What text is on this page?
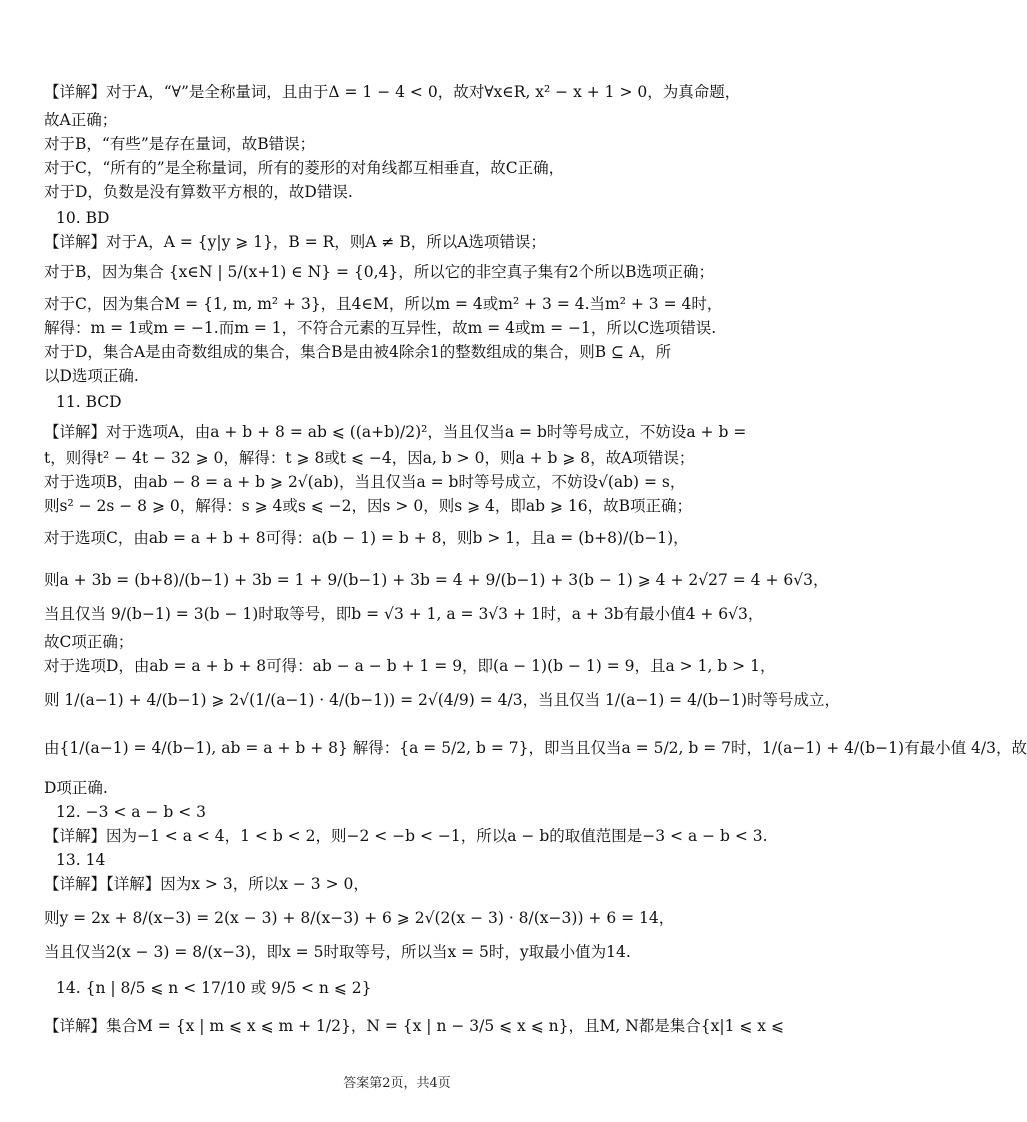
【详解】对于A，“∀”是全称量词，且由于Δ = 1 − 4 < 0，故对∀x∈R, x² − x + 1 > 0，为真命题，
故A正确；
对于B，“有些”是存在量词，故B错误；
对于C，“所有的”是全称量词，所有的菱形的对角线都互相垂直，故C正确，
对于D，负数是没有算数平方根的，故D错误.
10. BD
【详解】对于A，A = {y|y ⩾ 1}，B = R，则A ≠ B，所以A选项错误；
对于B，因为集合 {x∈N | 5/(x+1) ∈ N} = {0,4}，所以它的非空真子集有2个所以B选项正确；
对于C，因为集合M = {1, m, m² + 3}，且4∈M，所以m = 4或m² + 3 = 4.当m² + 3 = 4时，
解得：m = 1或m = −1.而m = 1，不符合元素的互异性，故m = 4或m = −1，所以C选项错误.
对于D，集合A是由奇数组成的集合，集合B是由被4除余1的整数组成的集合，则B ⊆ A，所
以D选项正确.
11. BCD
【详解】对于选项A，由a + b + 8 = ab ⩽ ((a+b)/2)²，当且仅当a = b时等号成立，不妨设a + b =
t，则得t² − 4t − 32 ⩾ 0，解得：t ⩾ 8或t ⩽ −4，因a, b > 0，则a + b ⩾ 8，故A项错误；
对于选项B，由ab − 8 = a + b ⩾ 2√(ab)，当且仅当a = b时等号成立，不妨设√(ab) = s，
则s² − 2s − 8 ⩾ 0，解得：s ⩾ 4或s ⩽ −2，因s > 0，则s ⩾ 4，即ab ⩾ 16，故B项正确；
对于选项C，由ab = a + b + 8可得：a(b − 1) = b + 8，则b > 1，且a = (b+8)/(b−1)，
则a + 3b = (b+8)/(b−1) + 3b = 1 + 9/(b−1) + 3b = 4 + 9/(b−1) + 3(b − 1) ⩾ 4 + 2√27 = 4 + 6√3，
当且仅当 9/(b−1) = 3(b − 1)时取等号，即b = √3 + 1, a = 3√3 + 1时，a + 3b有最小值4 + 6√3，
故C项正确；
对于选项D，由ab = a + b + 8可得：ab − a − b + 1 = 9，即(a − 1)(b − 1) = 9，且a > 1, b > 1，
则 1/(a−1) + 4/(b−1) ⩾ 2√(1/(a−1) · 4/(b−1)) = 2√(4/9) = 4/3，当且仅当 1/(a−1) = 4/(b−1)时等号成立，
由{1/(a−1) = 4/(b−1), ab = a + b + 8} 解得：{a = 5/2, b = 7}，即当且仅当a = 5/2, b = 7时，1/(a−1) + 4/(b−1)有最小值 4/3，故
D项正确.
12. −3 < a − b < 3
【详解】因为−1 < a < 4，1 < b < 2，则−2 < −b < −1，所以a − b的取值范围是−3 < a − b < 3.
13. 14
【详解】【详解】因为x > 3，所以x − 3 > 0，
则y = 2x + 8/(x−3) = 2(x − 3) + 8/(x−3) + 6 ⩾ 2√(2(x − 3) · 8/(x−3)) + 6 = 14，
当且仅当2(x − 3) = 8/(x−3)，即x = 5时取等号，所以当x = 5时，y取最小值为14.
14. {n | 8/5 ⩽ n < 17/10 或 9/5 < n ⩽ 2}
【详解】集合M = {x | m ⩽ x ⩽ m + 1/2}，N = {x | n − 3/5 ⩽ x ⩽ n}，且M, N都是集合{x|1 ⩽ x ⩽
答案第2页，共4页
